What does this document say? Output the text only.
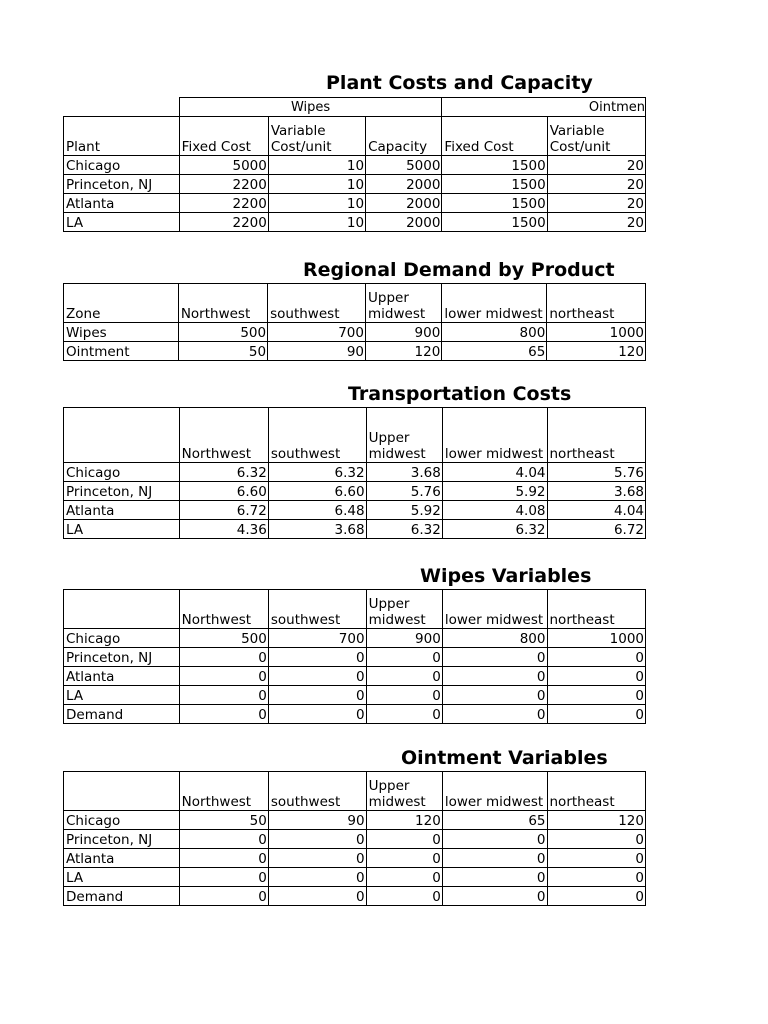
Plant Costs and Capacity
	Wipes			Ointmen	
Plant	Fixed Cost	Variable Cost/unit	Capacity	Fixed Cost	Variable Cost/unit
Chicago	5000	10	5000	1500	20
Princeton, NJ	2200	10	2000	1500	20
Atlanta	2200	10	2000	1500	20
LA	2200	10	2000	1500	20
Regional Demand by Product
Zone	Northwest	southwest	Upper midwest	lower midwest	northeast
Wipes	500	700	900	800	1000
Ointment	50	90	120	65	120
Transportation Costs
	Northwest	southwest	Upper midwest	lower midwest	northeast
Chicago	6.32	6.32	3.68	4.04	5.76
Princeton, NJ	6.60	6.60	5.76	5.92	3.68
Atlanta	6.72	6.48	5.92	4.08	4.04
LA	4.36	3.68	6.32	6.32	6.72
Wipes Variables
	Northwest	southwest	Upper midwest	lower midwest	northeast
Chicago	500	700	900	800	1000
Princeton, NJ	0	0	0	0	0
Atlanta	0	0	0	0	0
LA	0	0	0	0	0
Demand	0	0	0	0	0
Ointment Variables
	Northwest	southwest	Upper midwest	lower midwest	northeast
Chicago	50	90	120	65	120
Princeton, NJ	0	0	0	0	0
Atlanta	0	0	0	0	0
LA	0	0	0	0	0
Demand	0	0	0	0	0
